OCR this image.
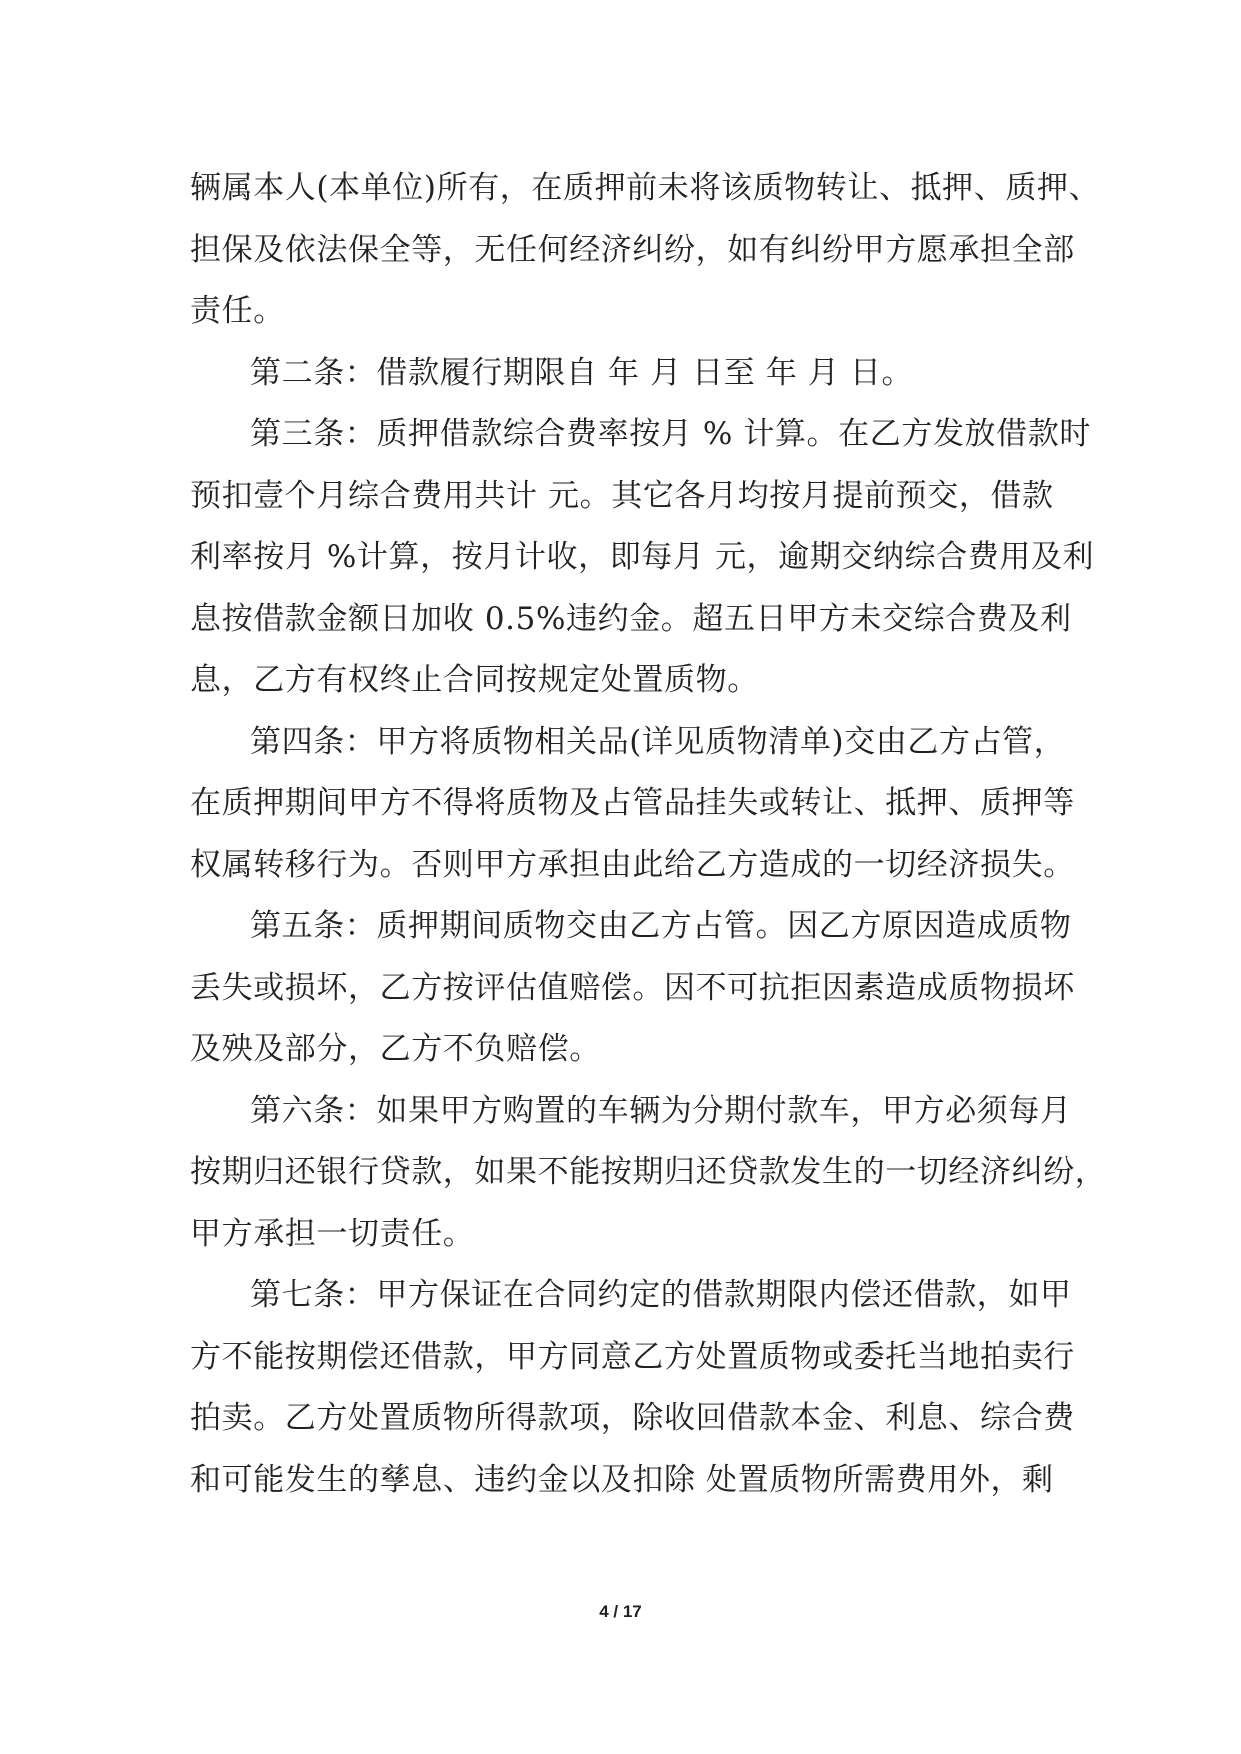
辆属本人(本单位)所有，在质押前未将该质物转让、抵押、质押、
担保及依法保全等，无任何经济纠纷，如有纠纷甲方愿承担全部
责任。
第二条：借款履行期限自 年 月 日至 年 月 日。
第三条：质押借款综合费率按月 % 计算。在乙方发放借款时
预扣壹个月综合费用共计 元。其它各月均按月提前预交，借款
利率按月 %计算，按月计收，即每月 元，逾期交纳综合费用及利
息按借款金额日加收 0.5%违约金。超五日甲方未交综合费及利
息，乙方有权终止合同按规定处置质物。
第四条：甲方将质物相关品(详见质物清单)交由乙方占管，
在质押期间甲方不得将质物及占管品挂失或转让、抵押、质押等
权属转移行为。否则甲方承担由此给乙方造成的一切经济损失。
第五条：质押期间质物交由乙方占管。因乙方原因造成质物
丢失或损坏，乙方按评估值赔偿。因不可抗拒因素造成质物损坏
及殃及部分，乙方不负赔偿。
第六条：如果甲方购置的车辆为分期付款车，甲方必须每月
按期归还银行贷款，如果不能按期归还贷款发生的一切经济纠纷，
甲方承担一切责任。
第七条：甲方保证在合同约定的借款期限内偿还借款，如甲
方不能按期偿还借款，甲方同意乙方处置质物或委托当地拍卖行
拍卖。乙方处置质物所得款项，除收回借款本金、利息、综合费
和可能发生的孳息、违约金以及扣除 处置质物所需费用外，剩
4 / 17
